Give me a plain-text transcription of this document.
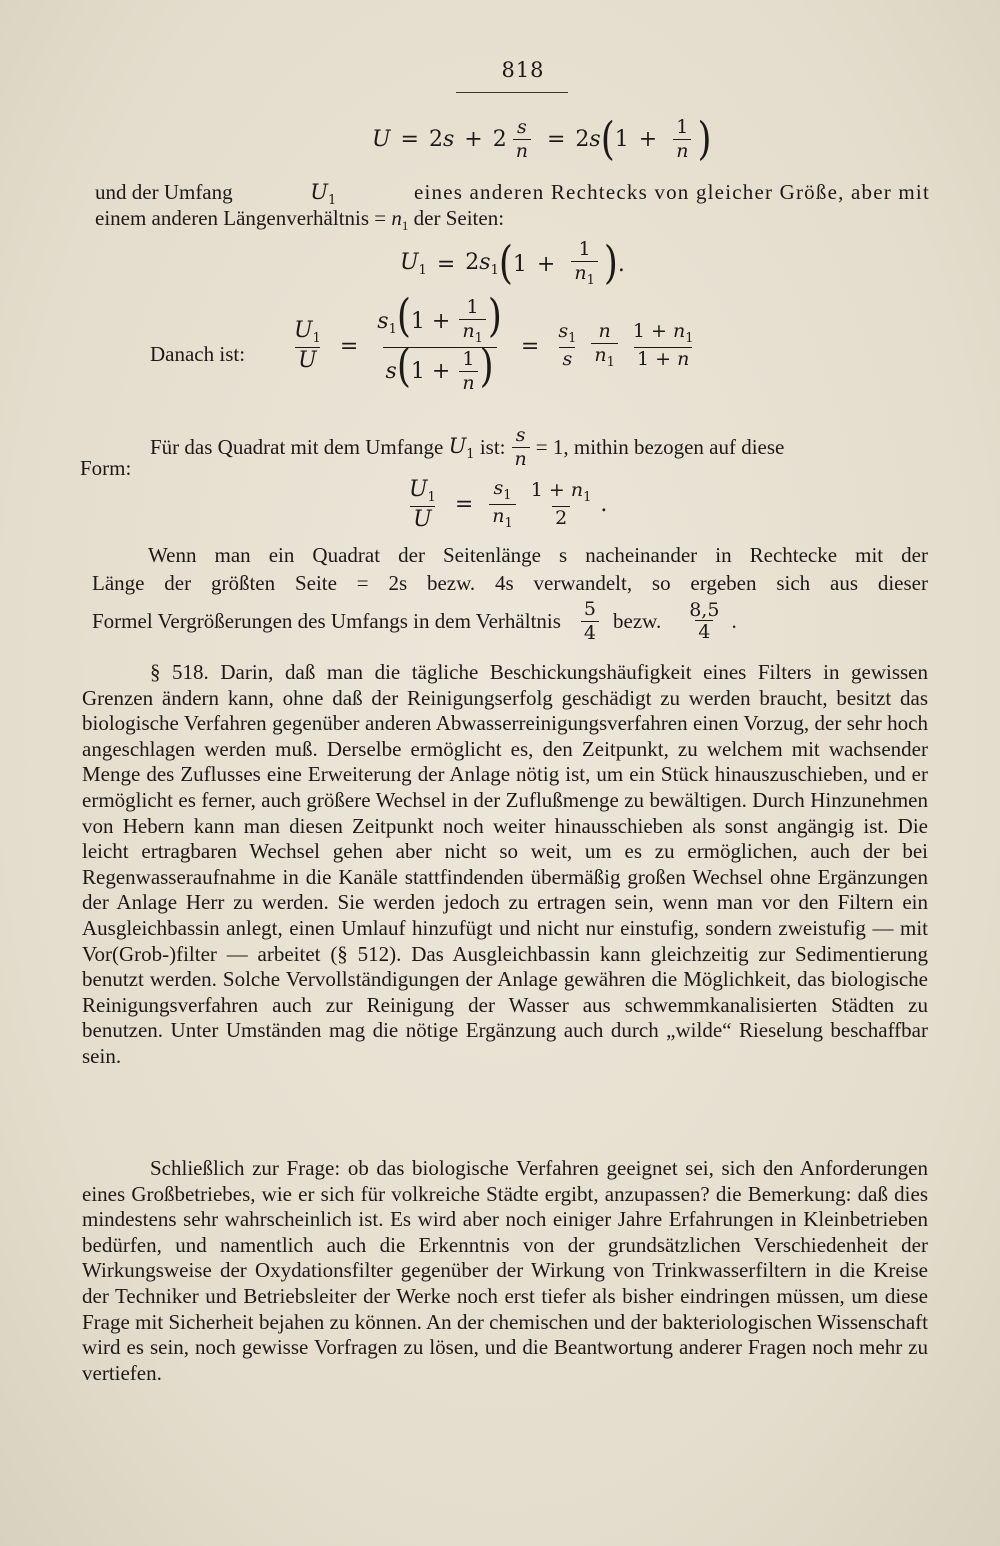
818
$U = 2s + 2 \frac{s}{n} = 2s$ ( $1 + \frac{1}{n}$ )
und der Umfang	$U_1$	eines anderen Rechtecks von gleicher Größe, aber mit
einem anderen Längenverhältnis = $n_1$ der Seiten:
$U_1 = 2s_1$ ( $1 + \frac{1}{n_1}$ ) .
Danach ist: $\frac{U_1}{U} = \frac{s_1(1 + \frac{1}{n_1} )}{s(1 + \frac{1}{n} )} = \frac{s_1}{s} \frac{n}{n_1} \frac{1 + n_1}{1 + n}$
Für das Quadrat mit dem Umfange
$U_1$
ist: $\frac{s}{n} = 1$ , mithin bezogen auf diese
Form:
$\frac{U_1}{U} = \frac{s_1}{n_1} \frac{1 + n_1}{2}$ .
Wenn man ein Quadrat der Seitenlänge s nacheinander in Rechtecke mit der
Länge der größten Seite = 2s bezw. 4s verwandelt, so ergeben sich aus dieser
Formel Vergrößerungen des Umfangs in dem Verhältnis $\frac{5}{4}$ bezw. $\frac{8,5}{4}$ .
§ 518. Darin, daß man die tägliche Beschickungshäufigkeit eines Filters in gewissen Grenzen ändern kann, ohne daß der Reinigungserfolg geschädigt zu werden braucht, besitzt das biologische Verfahren gegenüber anderen Abwasserreinigungsverfahren einen Vorzug, der sehr hoch angeschlagen werden muß. Derselbe ermöglicht es, den Zeitpunkt, zu welchem mit wachsender Menge des Zuflusses eine Erweiterung der Anlage nötig ist, um ein Stück hinauszuschieben, und er ermöglicht es ferner, auch größere Wechsel in der Zuflußmenge zu bewältigen. Durch Hinzunehmen von Hebern kann man diesen Zeitpunkt noch weiter hinausschieben als sonst angängig ist. Die leicht ertragbaren Wechsel gehen aber nicht so weit, um es zu ermöglichen, auch der bei Regenwasseraufnahme in die Kanäle stattfindenden übermäßig großen Wechsel ohne Ergänzungen der Anlage Herr zu werden. Sie werden jedoch zu ertragen sein, wenn man vor den Filtern ein Ausgleichbassin anlegt, einen Umlauf hinzufügt und nicht nur einstufig, sondern zweistufig — mit Vor(Grob-)filter — arbeitet (§ 512). Das Ausgleichbassin kann gleichzeitig zur Sedimentierung benutzt werden. Solche Vervollständigungen der Anlage gewähren die Möglichkeit, das biologische Reinigungsverfahren auch zur Reinigung der Wasser aus schwemmkanalisierten Städten zu benutzen. Unter Umständen mag die nötige Ergänzung auch durch „wilde“ Rieselung beschaffbar sein.
Schließlich zur Frage: ob das biologische Verfahren geeignet sei, sich den Anforderungen eines Großbetriebes, wie er sich für volkreiche Städte ergibt, anzupassen? die Bemerkung: daß dies mindestens sehr wahrscheinlich ist. Es wird aber noch einiger Jahre Erfahrungen in Kleinbetrieben bedürfen, und namentlich auch die Erkenntnis von der grundsätzlichen Verschiedenheit der Wirkungsweise der Oxydationsfilter gegenüber der Wirkung von Trinkwasserfiltern in die Kreise der Techniker und Betriebsleiter der Werke noch erst tiefer als bisher eindringen müssen, um diese Frage mit Sicherheit bejahen zu können. An der chemischen und der bakteriologischen Wissenschaft wird es sein, noch gewisse Vorfragen zu lösen, und die Beantwortung anderer Fragen noch mehr zu vertiefen.
